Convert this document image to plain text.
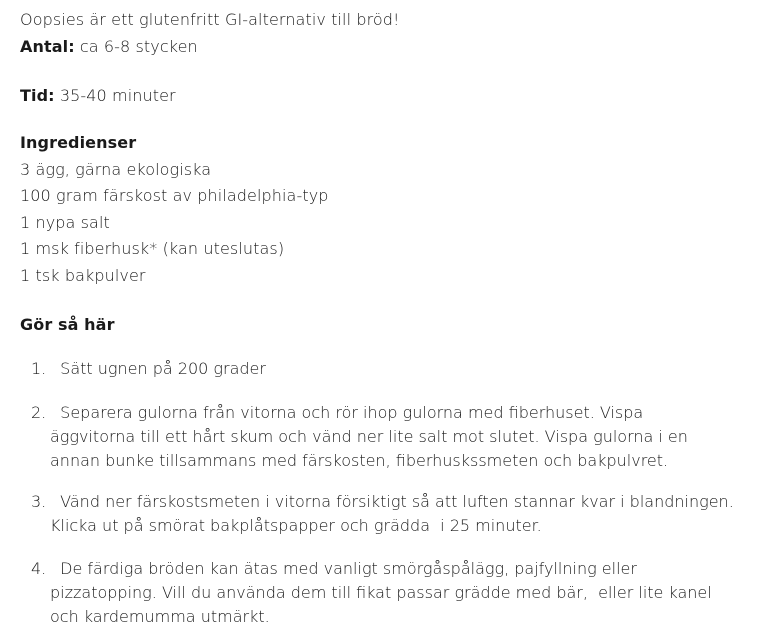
Oopsies är ett glutenfritt GI-alternativ till bröd!
Antal: ca 6-8 stycken
Tid: 35-40 minuter
Ingredienser
3 ägg, gärna ekologiska
100 gram färskost av philadelphia-typ
1 nypa salt
1 msk fiberhusk* (kan uteslutas)
1 tsk bakpulver
Gör så här
1. Sätt ugnen på 200 grader
2. Separera gulorna från vitorna och rör ihop gulorna med fiberhuset. Vispa
äggvitorna till ett hårt skum och vänd ner lite salt mot slutet. Vispa gulorna i en
annan bunke tillsammans med färskosten, fiberhuskssmeten och bakpulvret.
3. Vänd ner färskostsmeten i vitorna försiktigt så att luften stannar kvar i blandningen.
Klicka ut på smörat bakplåtspapper och grädda  i 25 minuter.
4. De färdiga bröden kan ätas med vanligt smörgåspålägg, pajfyllning eller
pizzatopping. Vill du använda dem till fikat passar grädde med bär,  eller lite kanel
och kardemumma utmärkt.
